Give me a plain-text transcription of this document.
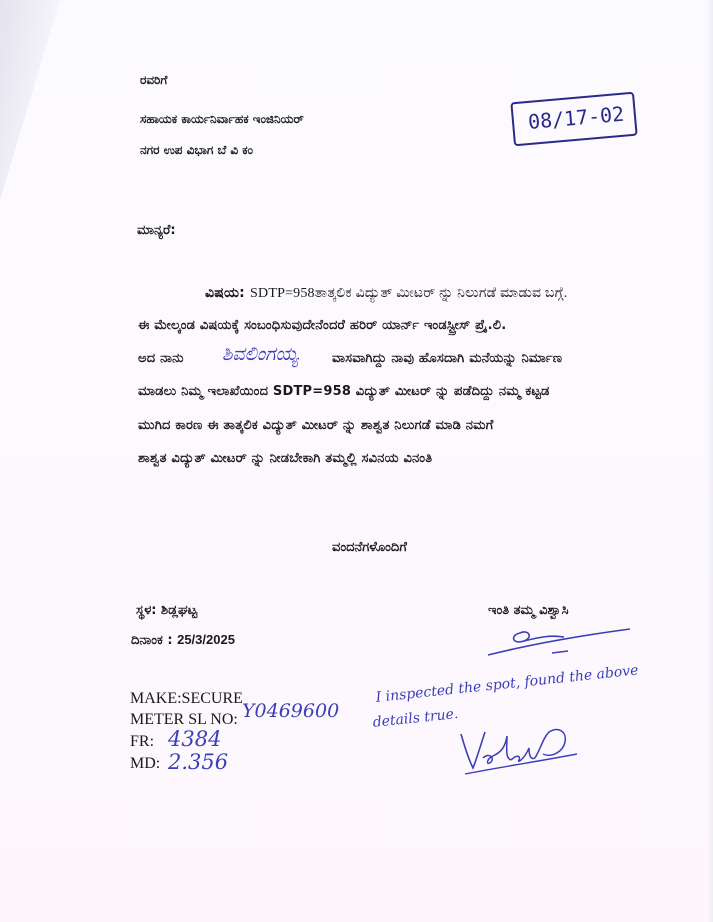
ರವರಿಗೆ
ಸಹಾಯಕ ಕಾರ್ಯನಿರ್ವಾಹಕ ಇಂಜಿನಿಯರ್
ನಗರ ಉಪ ವಿಭಾಗ ಬೆ ವಿ ಕಂ
08/17-02
ಮಾನ್ಯರೆ:
ವಿಷಯ: SDTP=958ತಾತ್ಕಲಿಕ ವಿದ್ಯುತ್ ಮೀಟರ್ ನ್ನು ನಿಲುಗಡೆ ಮಾಡುವ ಬಗ್ಗೆ.
ಈ ಮೇಲ್ಕಂಡ ವಿಷಯಕ್ಕೆ ಸಂಬಂಧಿಸುವುದೇನೆಂದರೆ ಹರಿರ್ ಯಾರ್ನ್ ಇಂಡಸ್ಟ್ರೀಸ್ ಪ್ರೈ.ಲಿ.
ಅದ ನಾನು ಶಿವಲಿಂಗಯ್ಯ	ವಾಸವಾಗಿದ್ದು ನಾವು ಹೊಸದಾಗಿ ಮನೆಯನ್ನು ನಿರ್ಮಾಣ
ಮಾಡಲು ನಿಮ್ಮ ಇಲಾಖೆಯಿಂದ SDTP=958 ವಿದ್ಯುತ್ ಮೀಟರ್ ನ್ನು ಪಡೆದಿದ್ದು ನಮ್ಮ ಕಟ್ಟಡ
ಮುಗಿದ ಕಾರಣ ಈ ತಾತ್ಕಲಿಕ ವಿದ್ಯುತ್ ಮೀಟರ್ ನ್ನು ಶಾಶ್ವತ ನಿಲುಗಡೆ ಮಾಡಿ ನಮಗೆ
ಶಾಶ್ವತ ವಿದ್ಯುತ್ ಮೀಟರ್ ನ್ನು ನೀಡಬೇಕಾಗಿ ತಮ್ಮಲ್ಲಿ ಸವಿನಯ ವಿನಂತಿ
ವಂದನೆಗಳೊಂದಿಗೆ
ಸ್ಥಳ: ಶಿಡ್ಲಘಟ್ಟ	ಇಂತಿ ತಮ್ಮ ವಿಶ್ವಾಸಿ
ದಿನಾಂಕ : 25/3/2025
MAKE:SECURE
METER SL NO:
FR:
MD:
Y0469600
4384
2.356
I inspected the spot, found the above
details true.
